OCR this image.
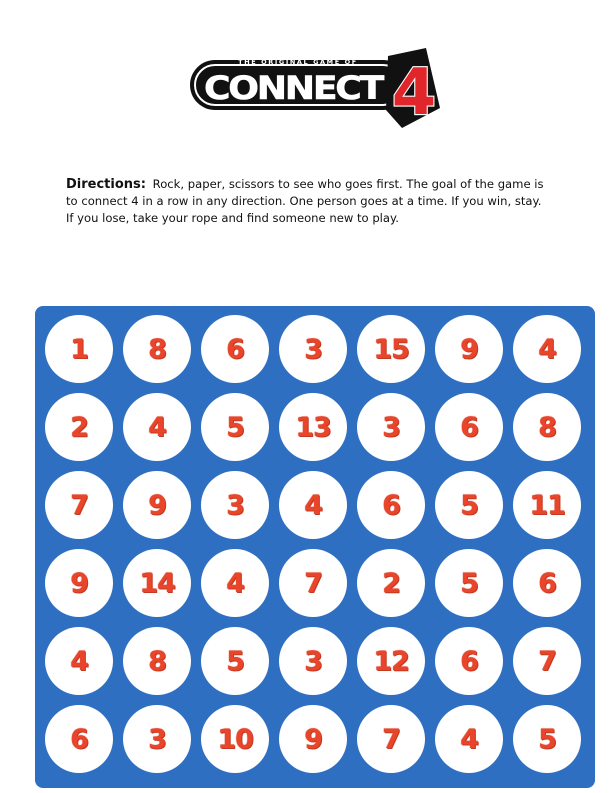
THE ORIGINAL GAME OF
CONNECT 4
Directions: Rock, paper, scissors to see who goes first. The goal of the game is to connect 4 in a row in any direction. One person goes at a time. If you win, stay. If you lose, take your rope and find someone new to play.
1	8	6	3	15	9	4
2	4	5	13	3	6	8
7	9	3	4	6	5	11
9	14	4	7	2	5	6
4	8	5	3	12	6	7
6	3	10	9	7	4	5
